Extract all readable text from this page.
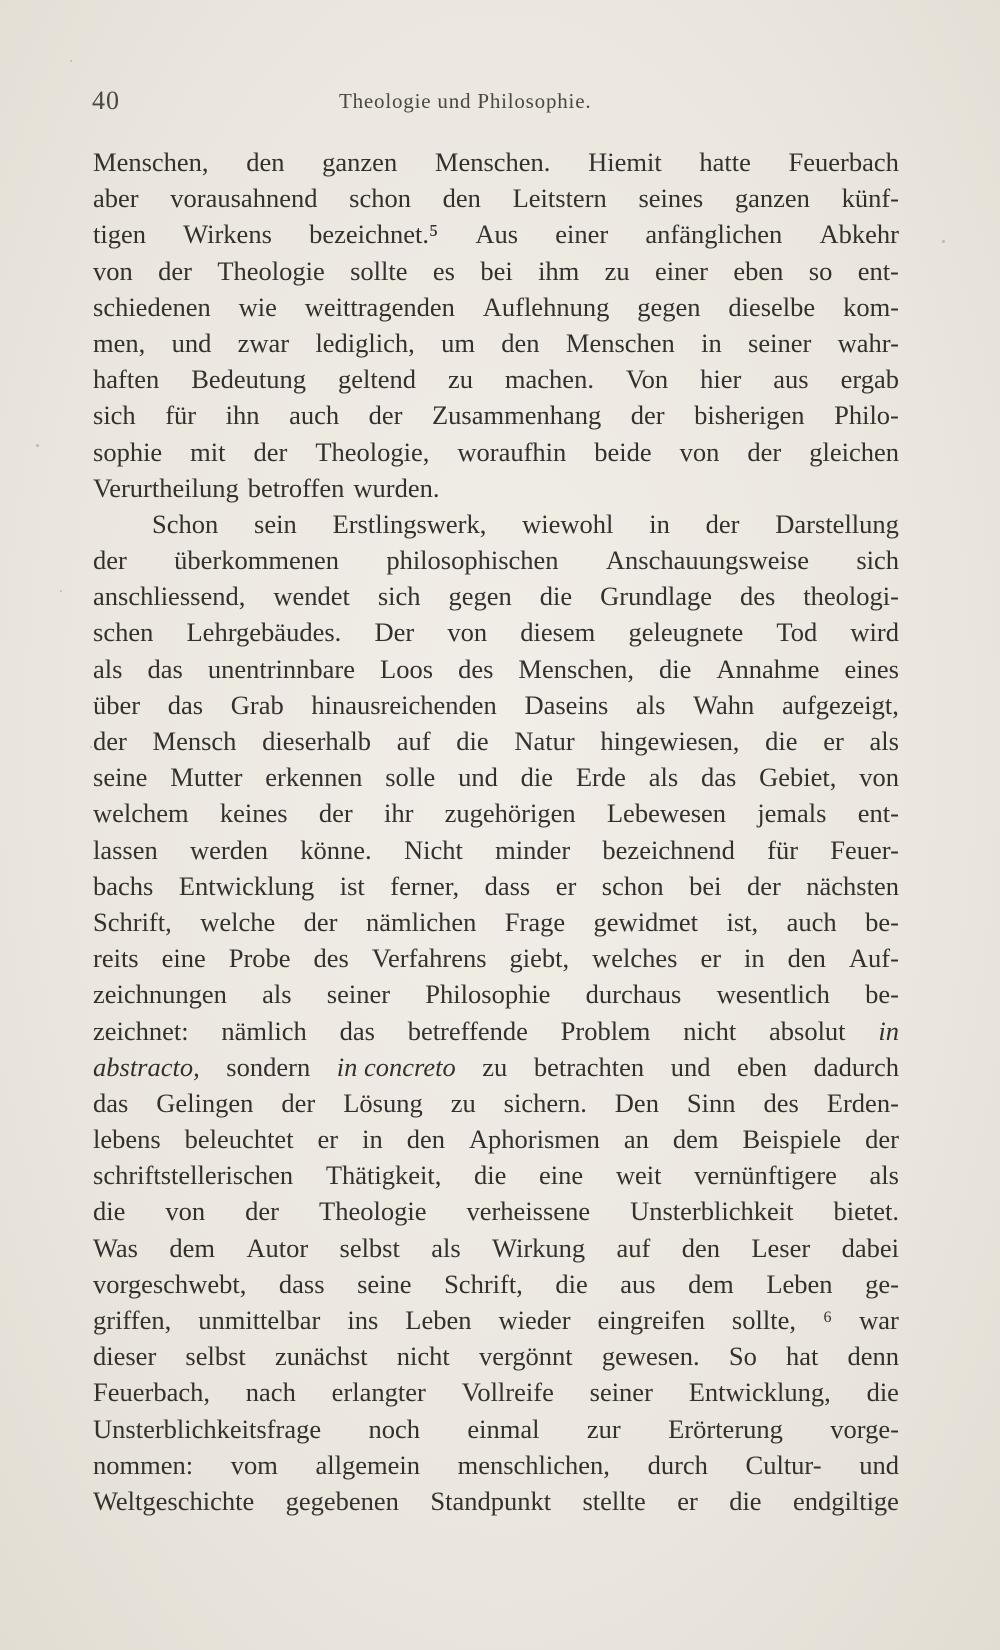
40	Theologie und Philosophie.
Menschen, den ganzen Menschen. Hiemit hatte Feuerbach
aber vorausahnend schon den Leitstern seines ganzen künf-
tigen Wirkens bezeichnet.⁵ Aus einer anfänglichen Abkehr
von der Theologie sollte es bei ihm zu einer eben so ent-
schiedenen wie weittragenden Auflehnung gegen dieselbe kom-
men, und zwar lediglich, um den Menschen in seiner wahr-
haften Bedeutung geltend zu machen. Von hier aus ergab
sich für ihn auch der Zusammenhang der bisherigen Philo-
sophie mit der Theologie, woraufhin beide von der gleichen
Verurtheilung betroffen wurden.
Schon sein Erstlingswerk, wiewohl in der Darstellung
der überkommenen philosophischen Anschauungsweise sich
anschliessend, wendet sich gegen die Grundlage des theologi-
schen Lehrgebäudes. Der von diesem geleugnete Tod wird
als das unentrinnbare Loos des Menschen, die Annahme eines
über das Grab hinausreichenden Daseins als Wahn aufgezeigt,
der Mensch dieserhalb auf die Natur hingewiesen, die er als
seine Mutter erkennen solle und die Erde als das Gebiet, von
welchem keines der ihr zugehörigen Lebewesen jemals ent-
lassen werden könne. Nicht minder bezeichnend für Feuer-
bachs Entwicklung ist ferner, dass er schon bei der nächsten
Schrift, welche der nämlichen Frage gewidmet ist, auch be-
reits eine Probe des Verfahrens giebt, welches er in den Auf-
zeichnungen als seiner Philosophie durchaus wesentlich be-
zeichnet: nämlich das betreffende Problem nicht absolut in
abstracto, sondern in concreto zu betrachten und eben dadurch
das Gelingen der Lösung zu sichern. Den Sinn des Erden-
lebens beleuchtet er in den Aphorismen an dem Beispiele der
schriftstellerischen Thätigkeit, die eine weit vernünftigere als
die von der Theologie verheissene Unsterblichkeit bietet.
Was dem Autor selbst als Wirkung auf den Leser dabei
vorgeschwebt, dass seine Schrift, die aus dem Leben ge-
griffen, unmittelbar ins Leben wieder eingreifen sollte, ⁶ war
dieser selbst zunächst nicht vergönnt gewesen. So hat denn
Feuerbach, nach erlangter Vollreife seiner Entwicklung, die
Unsterblichkeitsfrage noch einmal zur Erörterung vorge-
nommen: vom allgemein menschlichen, durch Cultur- und
Weltgeschichte gegebenen Standpunkt stellte er die endgiltige
